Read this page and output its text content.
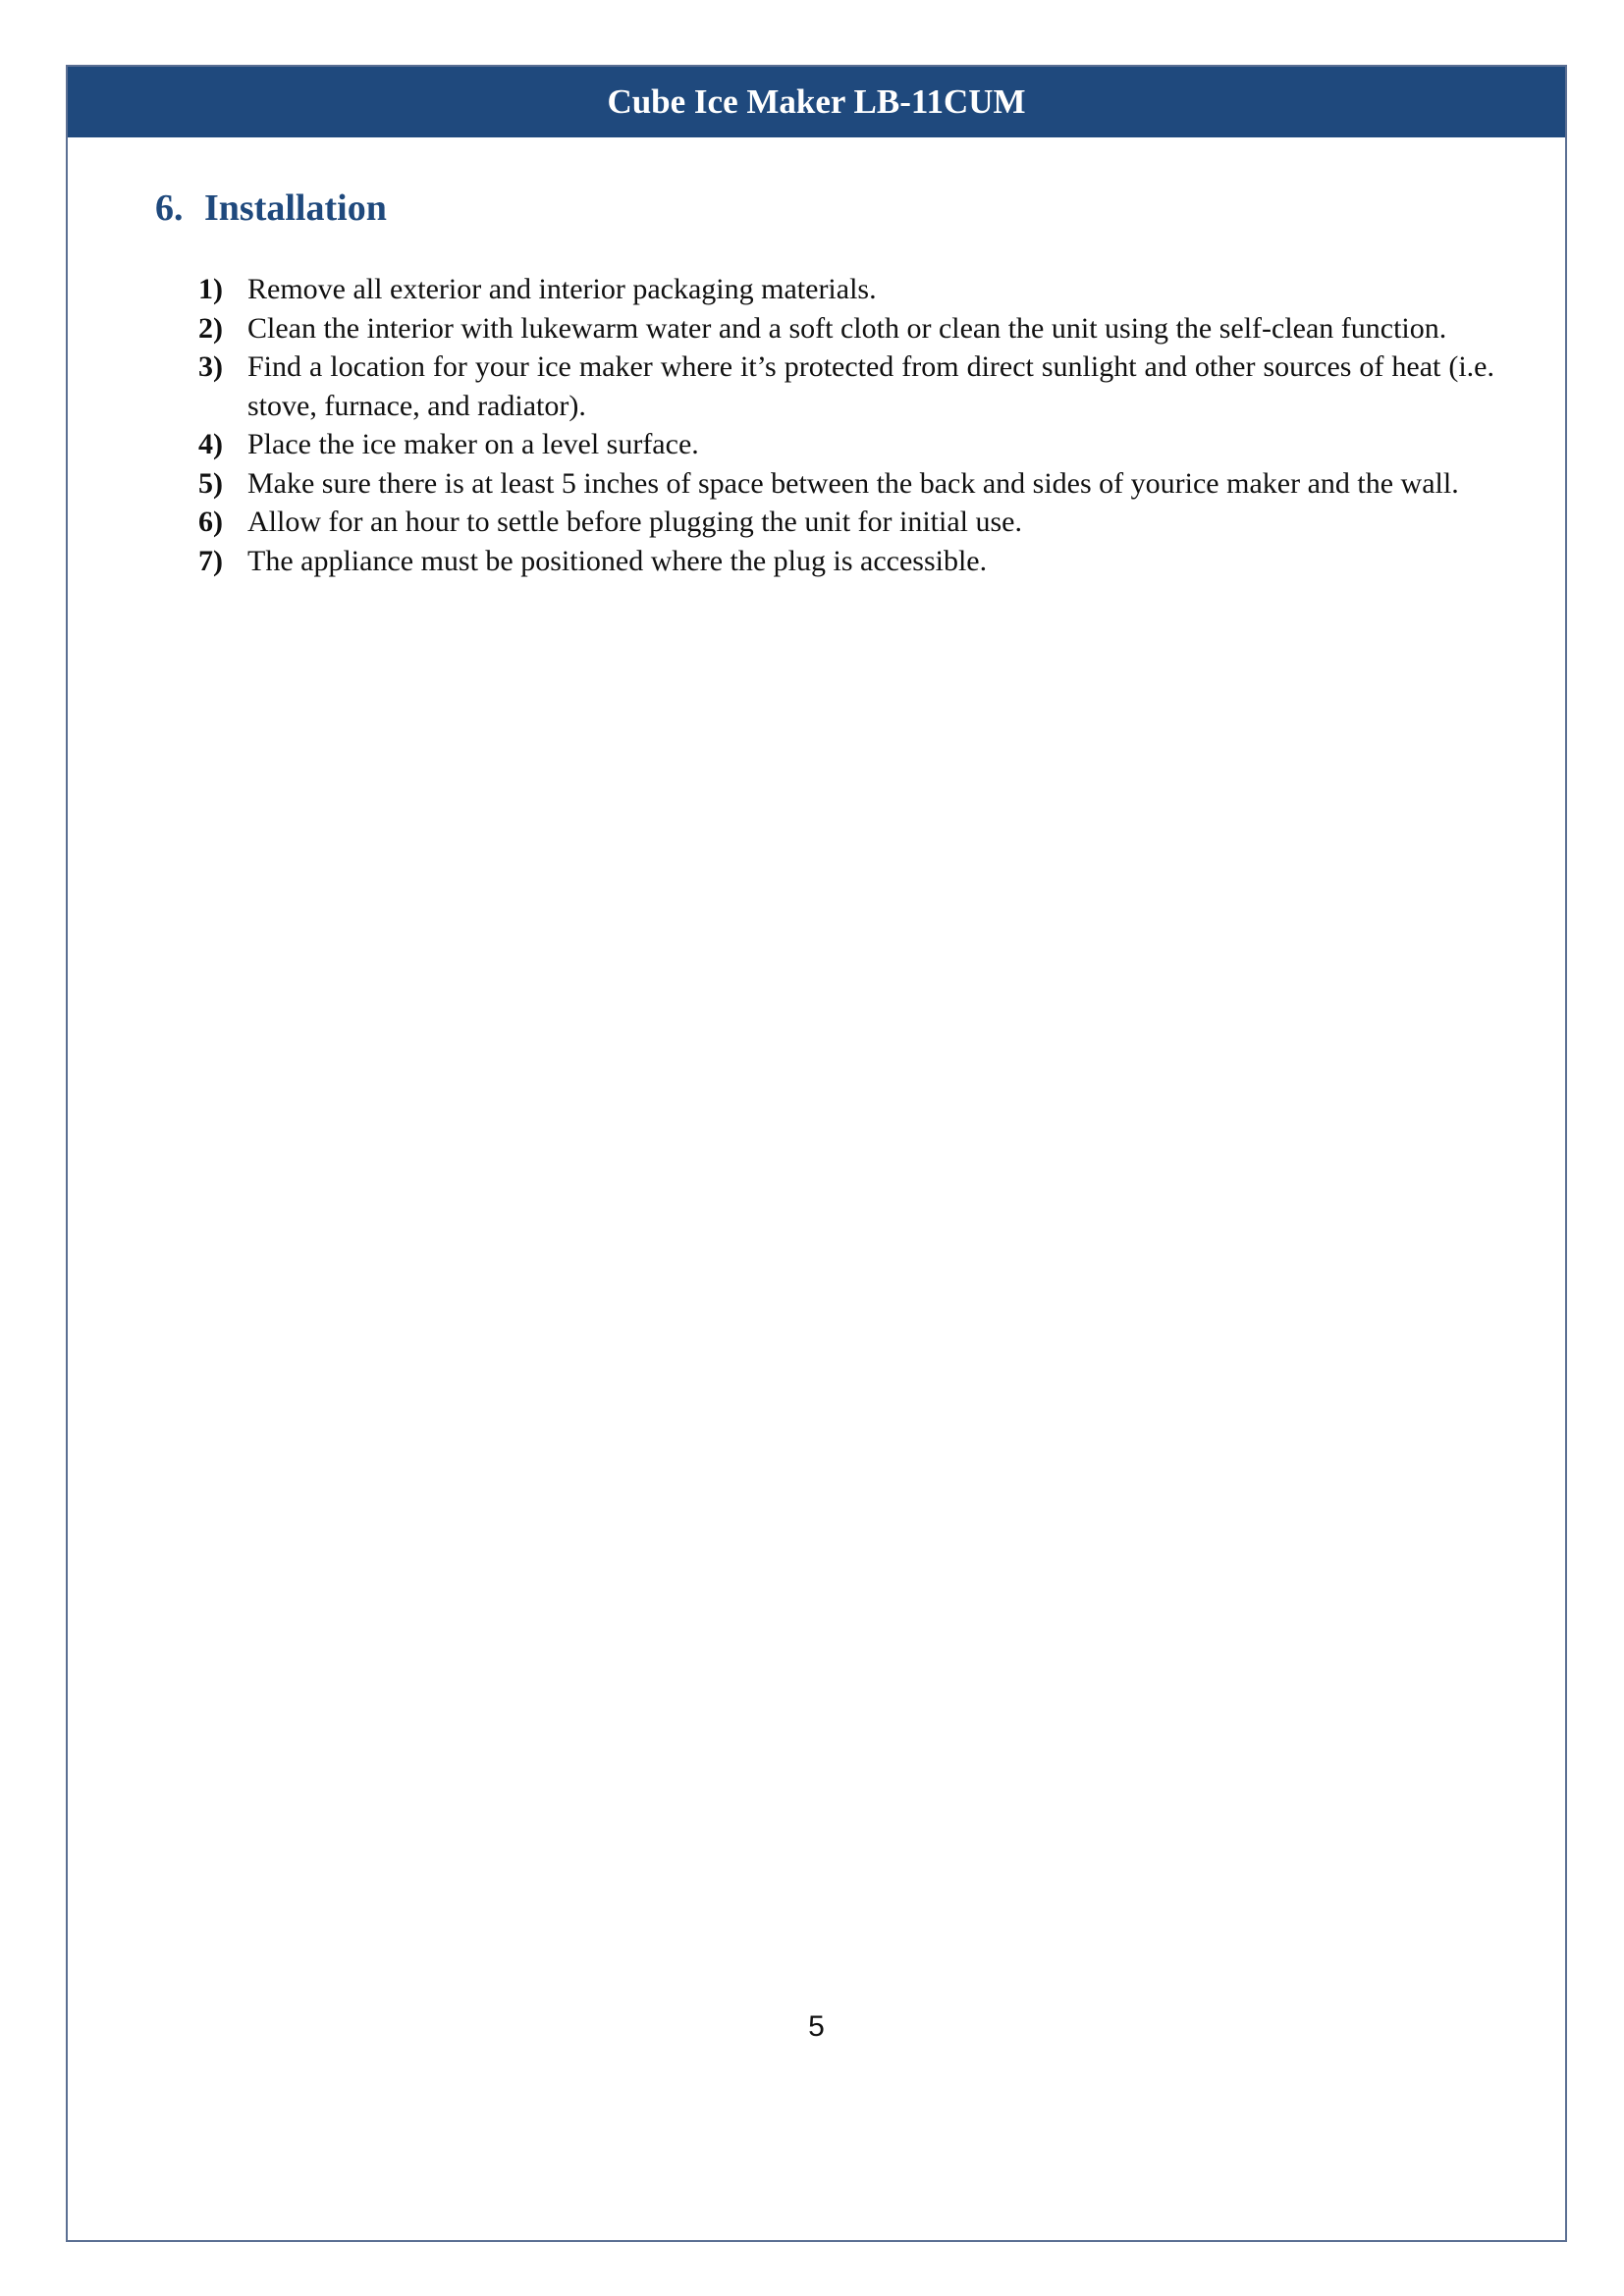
Cube Ice Maker LB-11CUM
6. Installation
1) Remove all exterior and interior packaging materials.
2) Clean the interior with lukewarm water and a soft cloth or clean the unit using the self-clean function.
3) Find a location for your ice maker where it’s protected from direct sunlight and other sources of heat (i.e. stove, furnace, and radiator).
4) Place the ice maker on a level surface.
5) Make sure there is at least 5 inches of space between the back and sides of yourice maker and the wall.
6) Allow for an hour to settle before plugging the unit for initial use.
7) The appliance must be positioned where the plug is accessible.
5
